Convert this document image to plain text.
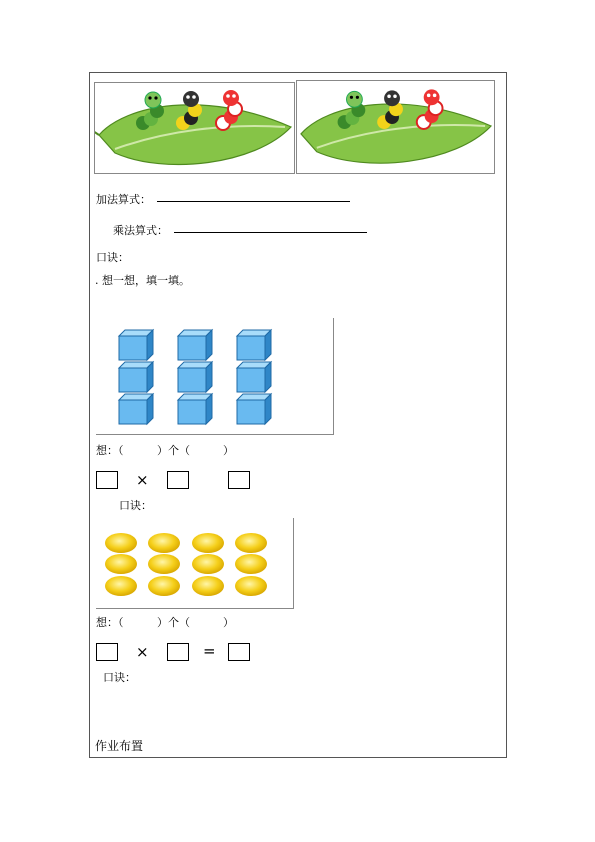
加法算式：
乘法算式：
口诀：
. 想一想，填一填。
想：（	）个（	）
×
口诀：
想：（	）个（	）
×	=
口诀：
作业布置
